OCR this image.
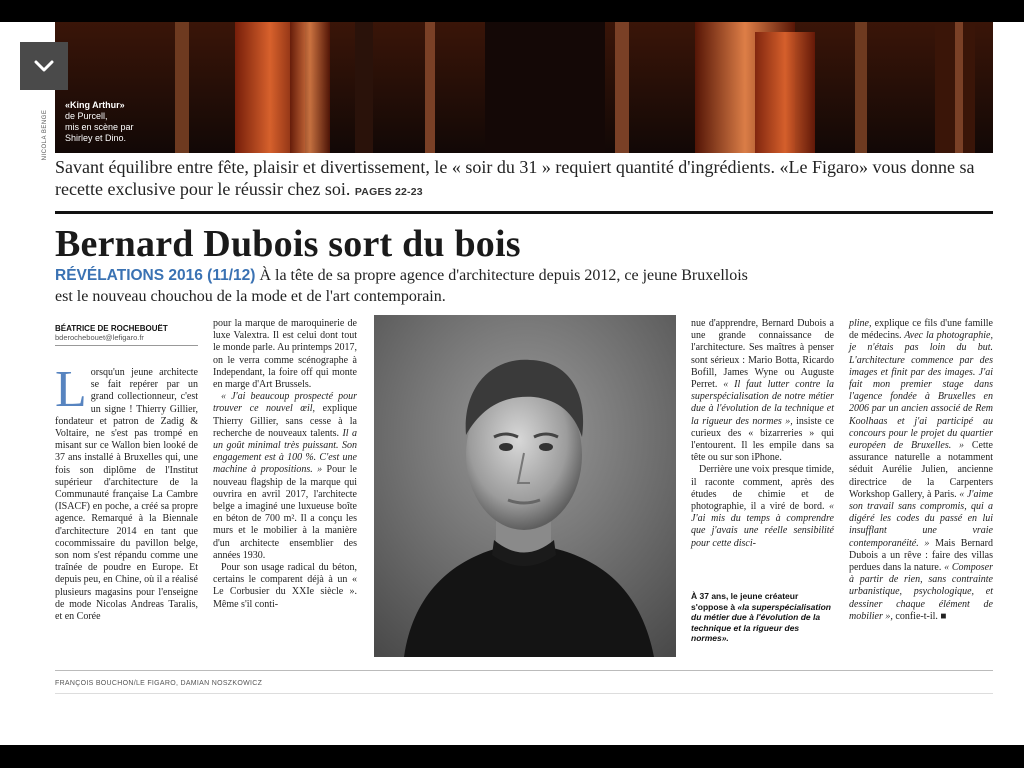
NICOLA BENGE
«King Arthur»
de Purcell,
mis en scène par
Shirley et Dino.
Savant équilibre entre fête, plaisir et divertissement, le « soir du 31 » requiert quantité d'ingrédients. «Le Figaro» vous donne sa recette exclusive pour le réussir chez soi. PAGES 22-23
Bernard Dubois sort du bois
RÉVÉLATIONS 2016 (11/12) À la tête de sa propre agence d'architecture depuis 2012, ce jeune Bruxellois est le nouveau chouchou de la mode et de l'art contemporain.
BÉATRICE DE ROCHEBOUËT
bderochebouet@lefigaro.fr
L orsqu'un jeune architecte se fait repérer par un grand collectionneur, c'est un signe ! Thierry Gillier, fondateur et patron de Zadig & Voltaire, ne s'est pas trompé en misant sur ce Wallon bien looké de 37 ans installé à Bruxelles qui, une fois son diplôme de l'Institut supérieur d'architecture de la Communauté française La Cambre (ISACF) en poche, a créé sa propre agence. Remarqué à la Biennale d'architecture 2014 en tant que cocommissaire du pavillon belge, son nom s'est répandu comme une traînée de poudre en Europe. Et depuis peu, en Chine, où il a réalisé plusieurs magasins pour l'enseigne de mode Nicolas Andreas Taralis, et en Corée

pour la marque de maroquinerie de luxe Valextra. Il est celui dont tout le monde parle. Au printemps 2017, on le verra comme scénographe à Independant, la foire off qui monte en marge d'Art Brussels.

« J'ai beaucoup prospecté pour trouver ce nouvel œil, explique Thierry Gillier, sans cesse à la recherche de nouveaux talents. Il a un goût minimal très puissant. Son engagement est à 100 %. C'est une machine à propositions. » Pour le nouveau flagship de la marque qui ouvrira en avril 2017, l'architecte belge a imaginé une luxueuse boîte en béton de 700 m². Il a conçu les murs et le mobilier à la manière d'un architecte ensemblier des années 1930.

Pour son usage radical du béton, certains le comparent déjà à un « Le Corbusier du XXIe siècle ». Même s'il conti-

nue d'apprendre, Bernard Dubois a une grande connaissance de l'architecture. Ses maîtres à penser sont sérieux : Mario Botta, Ricardo Bofill, James Wyne ou Auguste Perret. « Il faut lutter contre la superspécialisation de notre métier due à l'évolution de la technique et la rigueur des normes », insiste ce curieux des « bizarreries » qui l'entourent. Il les empile dans sa tête ou sur son iPhone.

Derrière une voix presque timide, il raconte comment, après des études de chimie et de photographie, il a viré de bord. « J'ai mis du temps à comprendre que j'avais une réelle sensibilité pour cette disci-

À 37 ans, le jeune créateur s'oppose à «la superspécialisation du métier due à l'évolution de la technique et la rigueur des normes».

pline, explique ce fils d'une famille de médecins. Avec la photographie, je n'étais pas loin du but. L'architecture commence par des images et finit par des images. J'ai fait mon premier stage dans l'agence fondée à Bruxelles en 2006 par un ancien associé de Rem Koolhaas et j'ai participé au concours pour le projet du quartier européen de Bruxelles. » Cette assurance naturelle a notamment séduit Aurélie Julien, ancienne directrice de la Carpenters Workshop Gallery, à Paris. « J'aime son travail sans compromis, qui a digéré les codes du passé en lui insufflant une vraie contemporanéité. » Mais Bernard Dubois a un rêve : faire des villas perdues dans la nature. « Composer à partir de rien, sans contrainte urbanistique, psychologique, et dessiner chaque élément de mobilier », confie-t-il. ■

FRANÇOIS BOUCHON/LE FIGARO, DAMIAN NOSZKOWICZ
